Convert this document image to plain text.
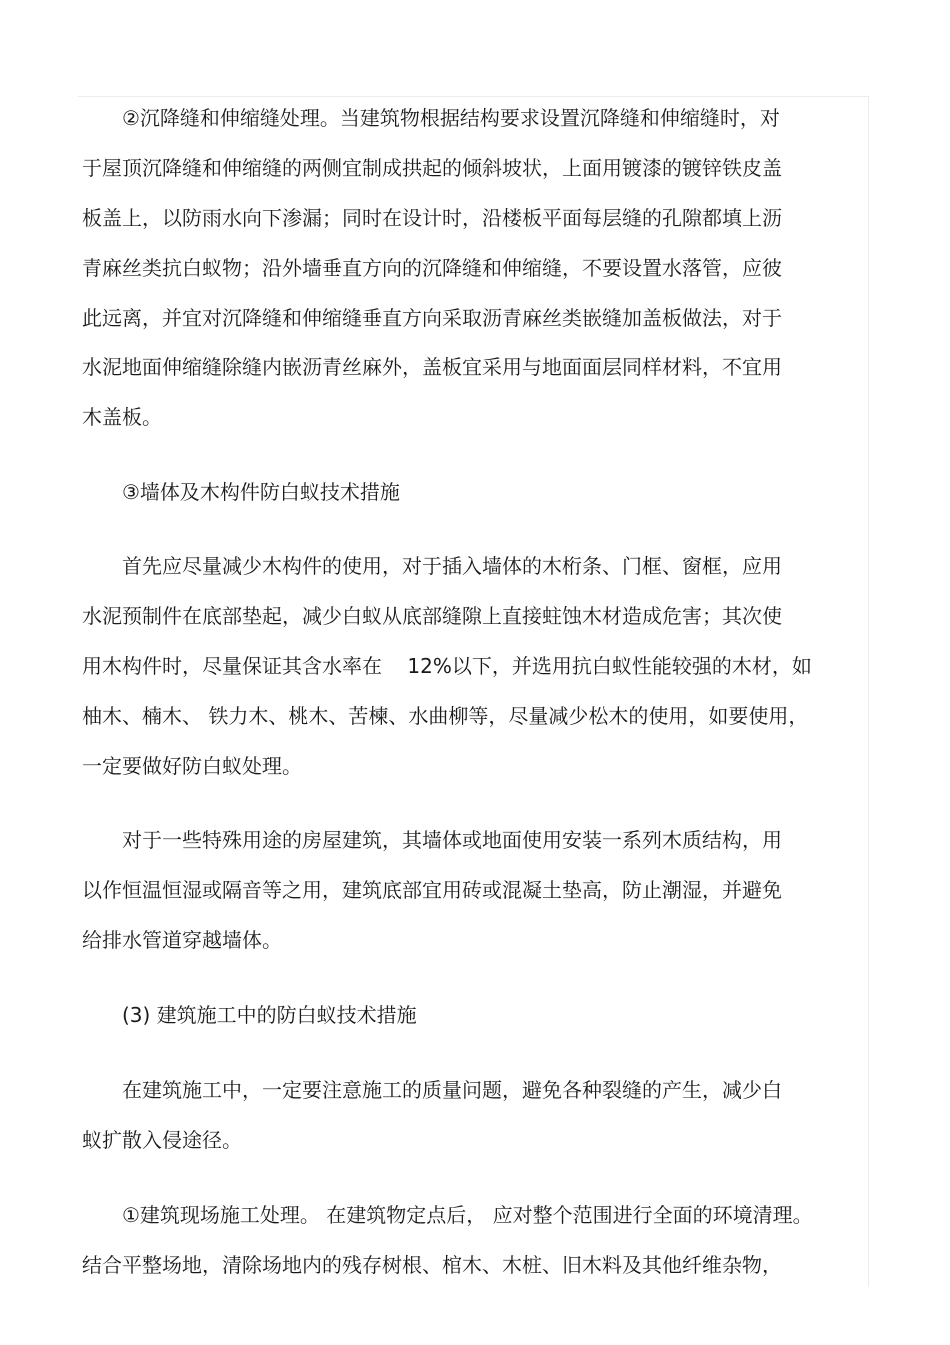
②沉降缝和伸缩缝处理。当建筑物根据结构要求设置沉降缝和伸缩缝时，对
于屋顶沉降缝和伸缩缝的两侧宜制成拱起的倾斜坡状，上面用镀漆的镀锌铁皮盖
板盖上，以防雨水向下渗漏；同时在设计时，沿楼板平面每层缝的孔隙都填上沥
青麻丝类抗白蚁物；沿外墙垂直方向的沉降缝和伸缩缝，不要设置水落管，应彼
此远离，并宜对沉降缝和伸缩缝垂直方向采取沥青麻丝类嵌缝加盖板做法，对于
水泥地面伸缩缝除缝内嵌沥青丝麻外，盖板宜采用与地面面层同样材料，不宜用
木盖板。
③墙体及木构件防白蚁技术措施
首先应尽量减少木构件的使用，对于插入墙体的木桁条、门框、窗框，应用
水泥预制件在底部垫起，减少白蚁从底部缝隙上直接蛀蚀木材造成危害；其次使
用木构件时，尽量保证其含水率在    12%以下，并选用抗白蚁性能较强的木材，如
柚木、楠木、 铁力木、桃木、苦楝、水曲柳等，尽量减少松木的使用，如要使用，
一定要做好防白蚁处理。
对于一些特殊用途的房屋建筑，其墙体或地面使用安装一系列木质结构，用
以作恒温恒湿或隔音等之用，建筑底部宜用砖或混凝土垫高，防止潮湿，并避免
给排水管道穿越墙体。
(3) 建筑施工中的防白蚁技术措施
在建筑施工中，一定要注意施工的质量问题，避免各种裂缝的产生，减少白
蚁扩散入侵途径。
①建筑现场施工处理。 在建筑物定点后， 应对整个范围进行全面的环境清理。
结合平整场地，清除场地内的残存树根、棺木、木桩、旧木料及其他纤维杂物，
